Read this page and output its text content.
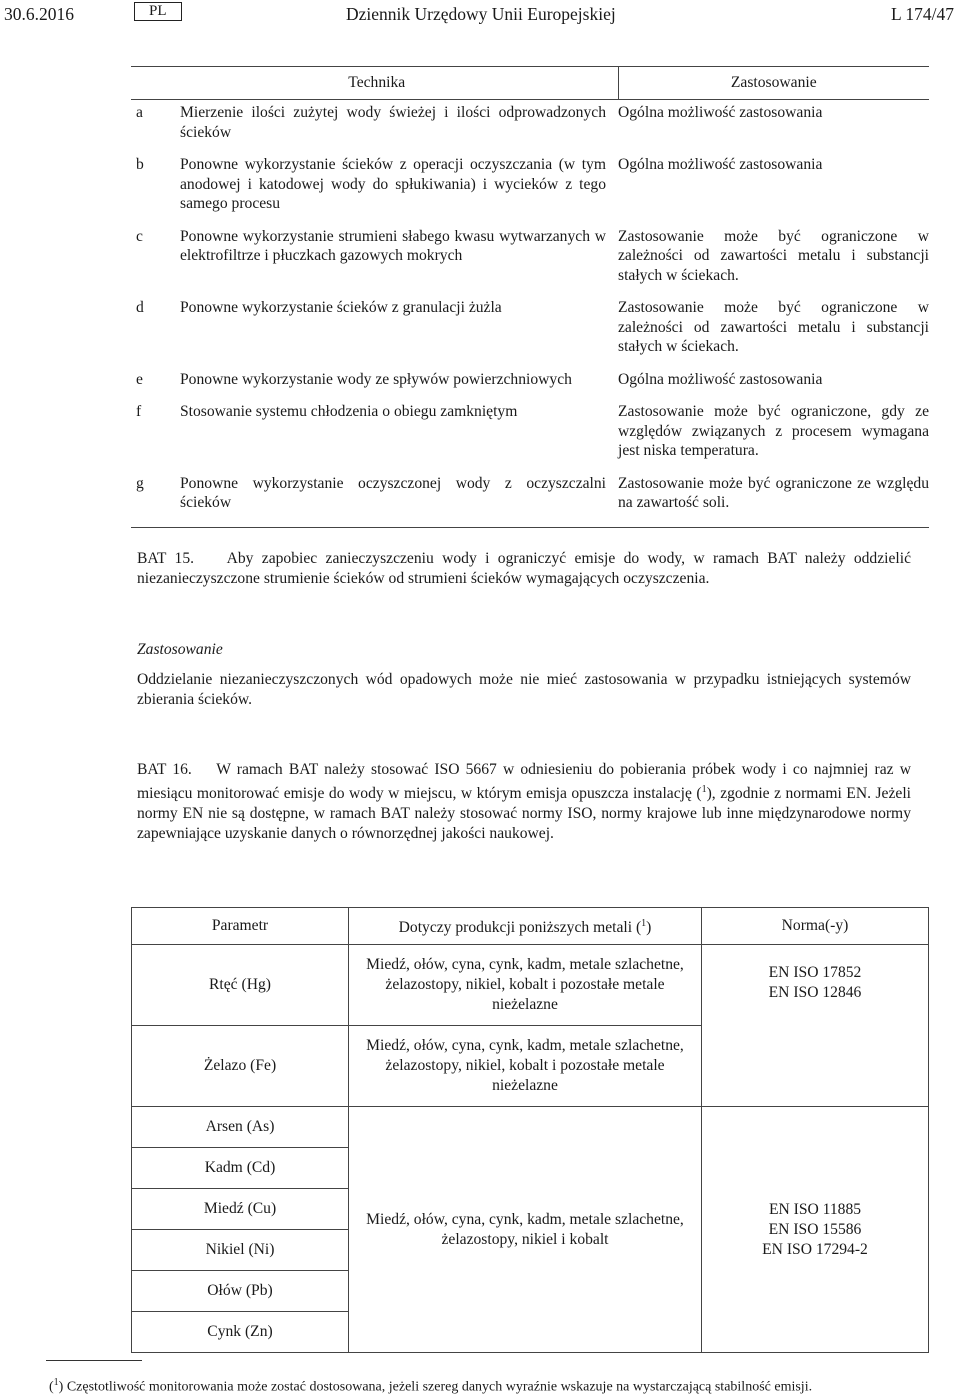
30.6.2016	PL	Dziennik Urzędowy Unii Europejskiej	L 174/47
Technika		Zastosowanie
a	Mierzenie ilości zużytej wody świeżej i ilości odprowadzonych ścieków	Ogólna możliwość zastosowania
b	Ponowne wykorzystanie ścieków z operacji oczyszczania (w tym anodowej i katodowej wody do spłukiwania) i wycieków z tego samego procesu	Ogólna możliwość zastosowania
c	Ponowne wykorzystanie strumieni słabego kwasu wytwarzanych w elektrofiltrze i płuczkach gazowych mokrych	Zastosowanie może być ograniczone w zależności od zawartości metalu i substancji stałych w ściekach.
d	Ponowne wykorzystanie ścieków z granulacji żużla	Zastosowanie może być ograniczone w zależności od zawartości metalu i substancji stałych w ściekach.
e	Ponowne wykorzystanie wody ze spływów powierzchniowych	Ogólna możliwość zastosowania
f	Stosowanie systemu chłodzenia o obiegu zamkniętym	Zastosowanie może być ograniczone, gdy ze względów związanych z procesem wymagana jest niska temperatura.
g	Ponowne wykorzystanie oczyszczonej wody z oczyszczalni ścieków	Zastosowanie może być ograniczone ze względu na zawartość soli.
BAT 15. Aby zapobiec zanieczyszczeniu wody i ograniczyć emisje do wody, w ramach BAT należy oddzielić niezanieczyszczone strumienie ścieków od strumieni ścieków wymagających oczyszczenia.
Zastosowanie
Oddzielanie niezanieczyszczonych wód opadowych może nie mieć zastosowania w przypadku istniejących systemów zbierania ścieków.
BAT 16. W ramach BAT należy stosować ISO 5667 w odniesieniu do pobierania próbek wody i co najmniej raz w miesiącu monitorować emisje do wody w miejscu, w którym emisja opuszcza instalację ($^1$), zgodnie z normami EN. Jeżeli normy EN nie są dostępne, w ramach BAT należy stosować normy ISO, normy krajowe lub inne międzynarodowe normy zapewniające uzyskanie danych o równorzędnej jakości naukowej.
Parametr	Dotyczy produkcji poniższych metali ($^1$)	Norma(-y)
Rtęć (Hg)	Miedź, ołów, cyna, cynk, kadm, metale szlachetne, żelazostopy, nikiel, kobalt i pozostałe metale nieżelazne	EN ISO 17852
EN ISO 12846

Żelazo (Fe)	Miedź, ołów, cyna, cynk, kadm, metale szlachetne, żelazostopy, nikiel, kobalt i pozostałe metale nieżelazne	
Arsen (As)	Miedź, ołów, cyna, cynk, kadm, metale szlachetne, żelazostopy, nikiel i kobalt	EN ISO 11885
EN ISO 15586
EN ISO 17294-2

Kadm (Cd)		
Miedź (Cu)		
Nikiel (Ni)		
Ołów (Pb)		
Cynk (Zn)		
($^1$) Częstotliwość monitorowania może zostać dostosowana, jeżeli szereg danych wyraźnie wskazuje na wystarczającą stabilność emisji.
